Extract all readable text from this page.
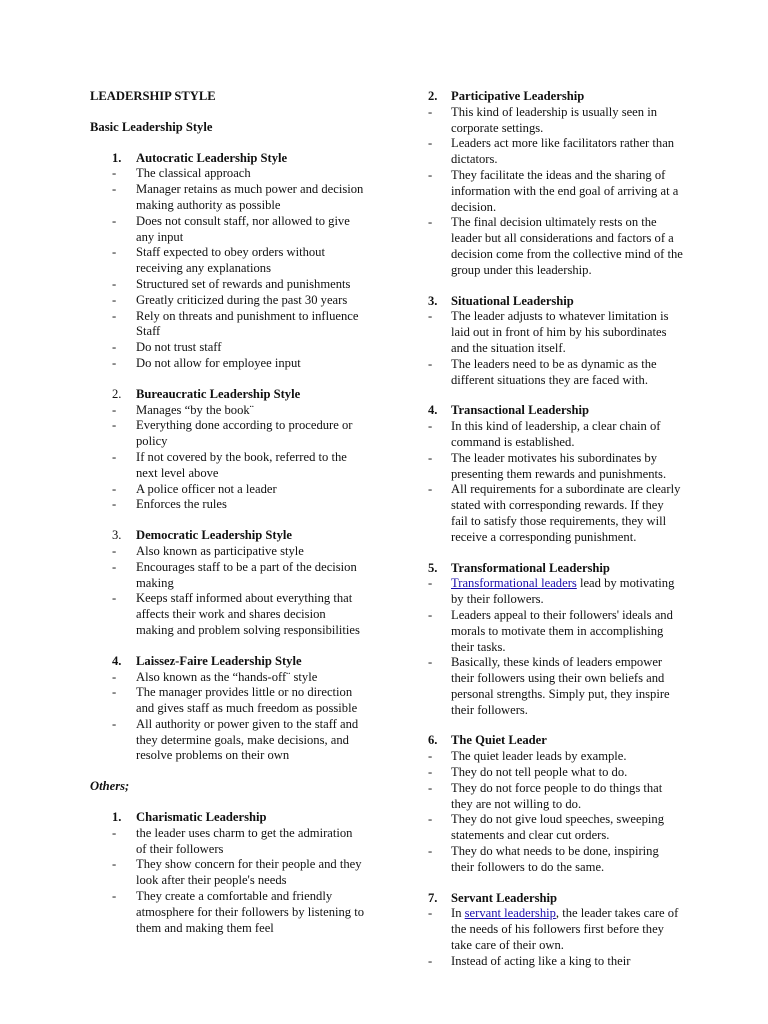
LEADERSHIP STYLE
Basic Leadership Style
1.	Autocratic Leadership Style
-	The classical approach
-	Manager retains as much power and decision making authority as possible
-	Does not consult staff, nor allowed to give any input
-	Staff expected to obey orders without receiving any explanations
-	Structured set of rewards and punishments
-	Greatly criticized during the past 30 years
-	Rely on threats and punishment to influence Staff
-	Do not trust staff
-	Do not allow for employee input
2.	Bureaucratic Leadership Style
-	Manages “by the book¨
-	Everything done according to procedure or policy
-	If not covered by the book, referred to the next level above
-	A police officer not a leader
-	Enforces the rules
3.	Democratic Leadership Style
-	Also known as participative style
-	Encourages staff to be a part of the decision making
-	Keeps staff informed about everything that affects their work and shares decision making and problem solving responsibilities
4.	Laissez-Faire Leadership Style
-	Also known as the “hands-off¨ style
-	The manager provides little or no direction and gives staff as much freedom as possible
-	All authority or power given to the staff and they determine goals, make decisions, and resolve problems on their own
Others;
1.	Charismatic Leadership
-	the leader uses charm to get the admiration of their followers
-	They show concern for their people and they look after their people's needs
-	They create a comfortable and friendly atmosphere for their followers by listening to them and making them feel
2.	Participative Leadership
-	This kind of leadership is usually seen in corporate settings.
-	Leaders act more like facilitators rather than dictators.
-	They facilitate the ideas and the sharing of information with the end goal of arriving at a decision.
-	The final decision ultimately rests on the leader but all considerations and factors of a decision come from the collective mind of the group under this leadership.
3.	Situational Leadership
-	The leader adjusts to whatever limitation is laid out in front of him by his subordinates and the situation itself.
-	The leaders need to be as dynamic as the different situations they are faced with.
4.	Transactional Leadership
-	In this kind of leadership, a clear chain of command is established.
-	The leader motivates his subordinates by presenting them rewards and punishments.
-	All requirements for a subordinate are clearly stated with corresponding rewards. If they fail to satisfy those requirements, they will receive a corresponding punishment.
5.	Transformational Leadership
-	Transformational leaders lead by motivating by their followers.
-	Leaders appeal to their followers' ideals and morals to motivate them in accomplishing their tasks.
-	Basically, these kinds of leaders empower their followers using their own beliefs and personal strengths. Simply put, they inspire their followers.
6.	The Quiet Leader
-	The quiet leader leads by example.
-	They do not tell people what to do.
-	They do not force people to do things that they are not willing to do.
-	They do not give loud speeches, sweeping statements and clear cut orders.
-	They do what needs to be done, inspiring their followers to do the same.
7.	Servant Leadership
-	In servant leadership, the leader takes care of the needs of his followers first before they take care of their own.
-	Instead of acting like a king to their
